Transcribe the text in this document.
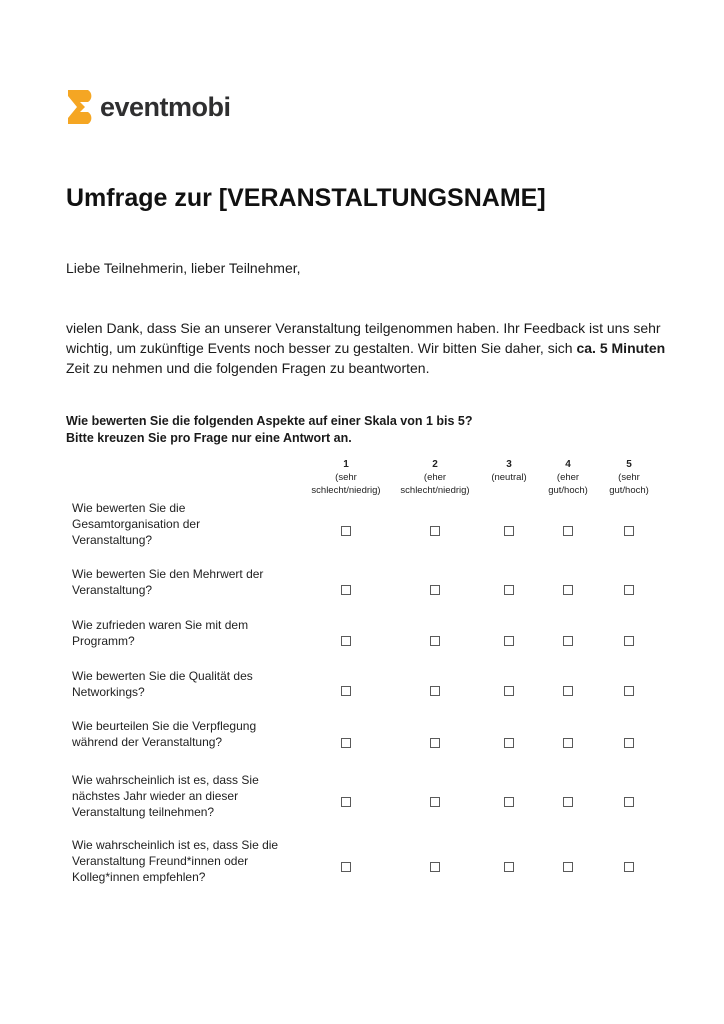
eventmobi
Umfrage zur [VERANSTALTUNGSNAME]

Liebe Teilnehmerin, lieber Teilnehmer,

vielen Dank, dass Sie an unserer Veranstaltung teilgenommen haben. Ihr Feedback ist uns sehr wichtig, um zukünftige Events noch besser zu gestalten. Wir bitten Sie daher, sich ca. 5 Minuten Zeit zu nehmen und die folgenden Fragen zu beantworten.

Wie bewerten Sie die folgenden Aspekte auf einer Skala von 1 bis 5?
Bitte kreuzen Sie pro Frage nur eine Antwort an.
1
(sehr
schlecht/niedrig)
2
(eher
schlecht/niedrig)
3
(neutral)
4
(eher
gut/hoch)
5
(sehr
gut/hoch)
Wie bewerten Sie die
Gesamtorganisation der
Veranstaltung?
Wie bewerten Sie den Mehrwert der
Veranstaltung?
Wie zufrieden waren Sie mit dem
Programm?
Wie bewerten Sie die Qualität des
Networkings?
Wie beurteilen Sie die Verpflegung
während der Veranstaltung?
Wie wahrscheinlich ist es, dass Sie
nächstes Jahr wieder an dieser
Veranstaltung teilnehmen?
Wie wahrscheinlich ist es, dass Sie die
Veranstaltung Freund*innen oder
Kolleg*innen empfehlen?
